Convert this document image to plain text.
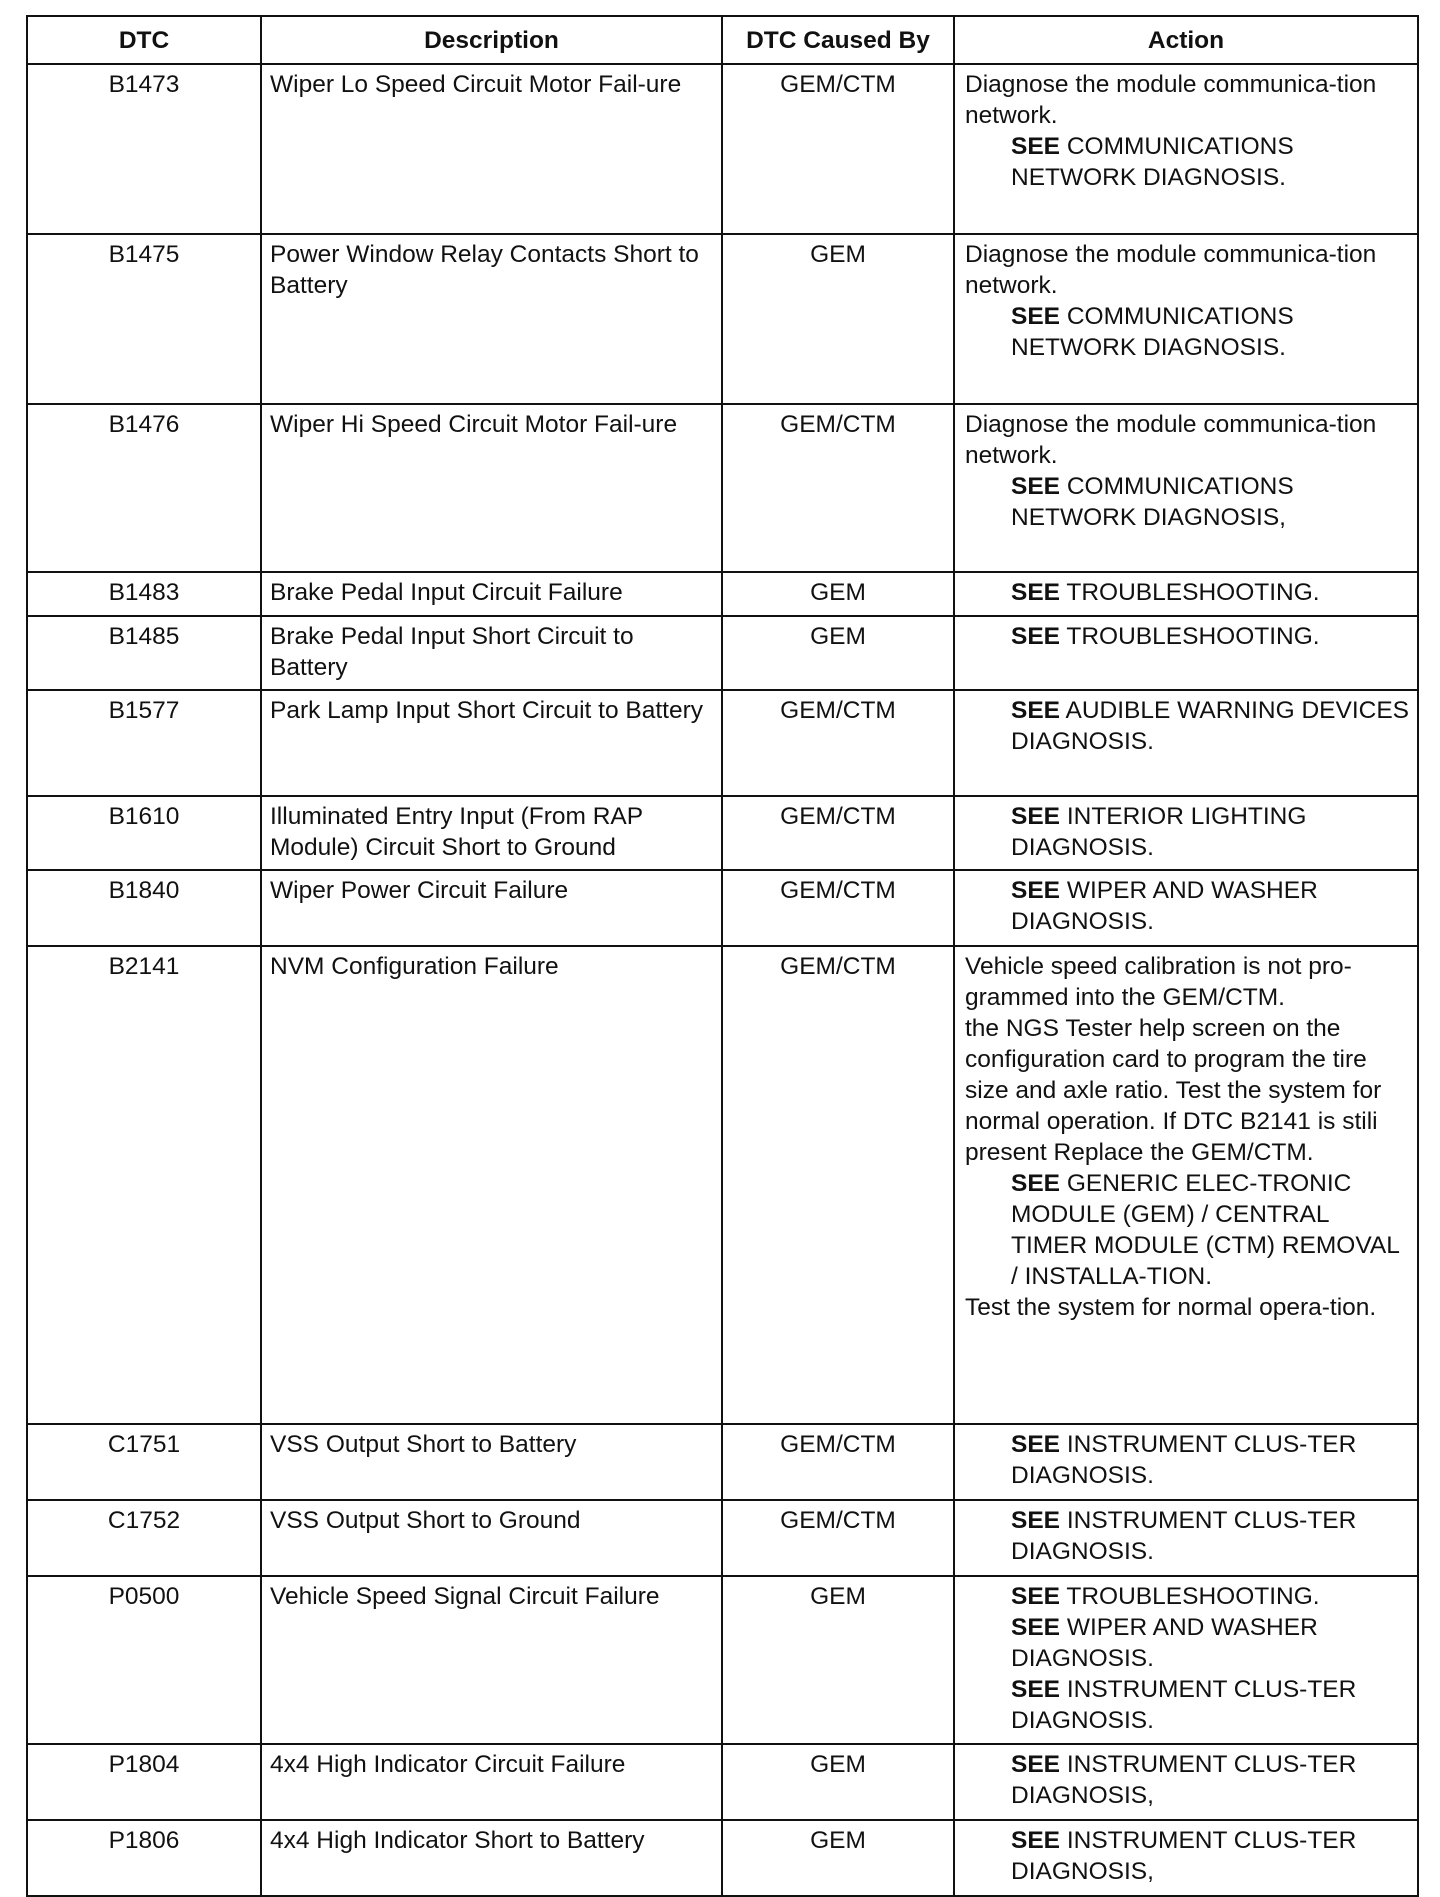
DTC	Description	DTC Caused By	Action
B1473	Wiper Lo Speed Circuit Motor Fail-ure	GEM/CTM	Diagnose the module communica-tion network.
SEE COMMUNICATIONS NETWORK DIAGNOSIS.

B1475	Power Window Relay Contacts Short to Battery	GEM	Diagnose the module communica-tion network.
SEE COMMUNICATIONS NETWORK DIAGNOSIS.

B1476	Wiper Hi Speed Circuit Motor Fail-ure	GEM/CTM	Diagnose the module communica-tion network.
SEE COMMUNICATIONS NETWORK DIAGNOSIS,

B1483	Brake Pedal Input Circuit Failure	GEM	SEE TROUBLESHOOTING.

B1485	Brake Pedal Input Short Circuit to Battery	GEM	SEE TROUBLESHOOTING.

B1577	Park Lamp Input Short Circuit to Battery	GEM/CTM	SEE AUDIBLE WARNING DEVICES DIAGNOSIS.

B1610	Illuminated Entry Input (From RAP Module) Circuit Short to Ground	GEM/CTM	SEE INTERIOR LIGHTING DIAGNOSIS.

B1840	Wiper Power Circuit Failure	GEM/CTM	SEE WIPER AND WASHER DIAGNOSIS.

B2141	NVM Configuration Failure	GEM/CTM	Vehicle speed calibration is not pro-grammed into the GEM/CTM.
the NGS Tester help screen on the configuration card to program the tire size and axle ratio. Test the system for normal operation. If DTC B2141 is stili present Replace the GEM/CTM.
SEE GENERIC ELEC-TRONIC MODULE (GEM) / CENTRAL TIMER MODULE (CTM) REMOVAL / INSTALLA-TION.
Test the system for normal opera-tion.

C1751	VSS Output Short to Battery	GEM/CTM	SEE INSTRUMENT CLUS-TER DIAGNOSIS.

C1752	VSS Output Short to Ground	GEM/CTM	SEE INSTRUMENT CLUS-TER DIAGNOSIS.

P0500	Vehicle Speed Signal Circuit Failure	GEM	SEE TROUBLESHOOTING.
SEE WIPER AND WASHER DIAGNOSIS.
SEE INSTRUMENT CLUS-TER DIAGNOSIS.

P1804	4x4 High Indicator Circuit Failure	GEM	SEE INSTRUMENT CLUS-TER DIAGNOSIS,

P1806	4x4 High Indicator Short to Battery	GEM	SEE INSTRUMENT CLUS-TER DIAGNOSIS,
